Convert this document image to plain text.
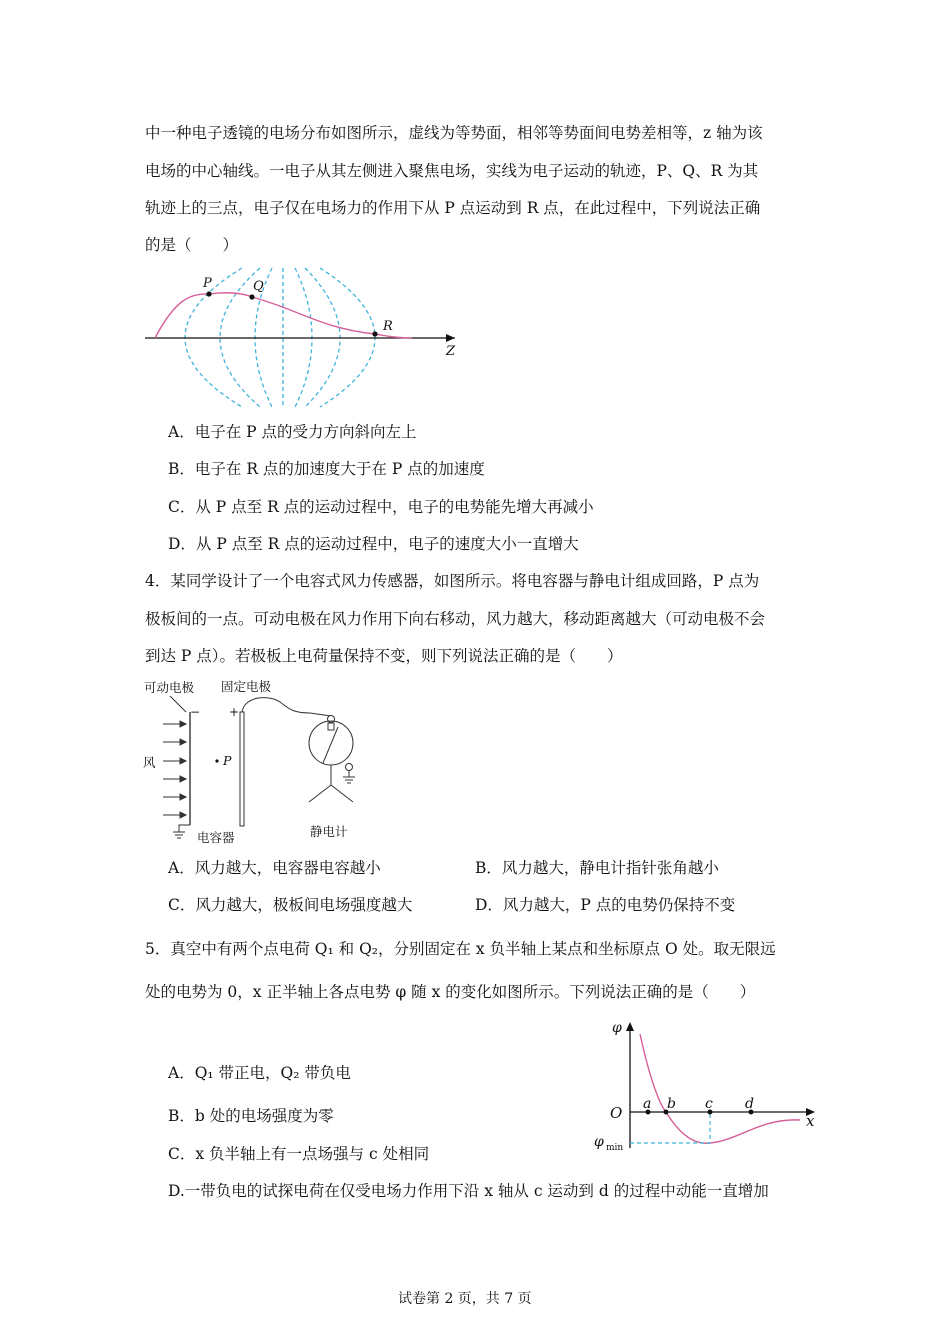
中一种电子透镜的电场分布如图所示，虚线为等势面，相邻等势面间电势差相等，z 轴为该
电场的中心轴线。一电子从其左侧进入聚焦电场，实线为电子运动的轨迹，P、Q、R 为其
轨迹上的三点，电子仅在电场力的作用下从 P 点运动到 R 点，在此过程中，下列说法正确
的是（　　）
P	Q
R
Z
可动电极 固定电极
− +
风	P
电容器	静电计
φ
O a b c d
x
φ min
A．电子在 P 点的受力方向斜向左上
B．电子在 R 点的加速度大于在 P 点的加速度
C．从 P 点至 R 点的运动过程中，电子的电势能先增大再减小
D．从 P 点至 R 点的运动过程中，电子的速度大小一直增大
4．某同学设计了一个电容式风力传感器，如图所示。将电容器与静电计组成回路，P 点为
极板间的一点。可动电极在风力作用下向右移动，风力越大，移动距离越大（可动电极不会
到达 P 点）。若极板上电荷量保持不变，则下列说法正确的是（　　）
A．风力越大，电容器电容越小	B．风力越大，静电计指针张角越小
C．风力越大，极板间电场强度越大	D．风力越大，P 点的电势仍保持不变
5．真空中有两个点电荷 Q₁ 和 Q₂，分别固定在 x 负半轴上某点和坐标原点 O 处。取无限远
处的电势为 0，x 正半轴上各点电势 φ 随 x 的变化如图所示。下列说法正确的是（　　）
A．Q₁ 带正电，Q₂ 带负电
B．b 处的电场强度为零
C．x 负半轴上有一点场强与 c 处相同
D.一带负电的试探电荷在仅受电场力作用下沿 x 轴从 c 运动到 d 的过程中动能一直增加
试卷第 2 页，共 7 页
